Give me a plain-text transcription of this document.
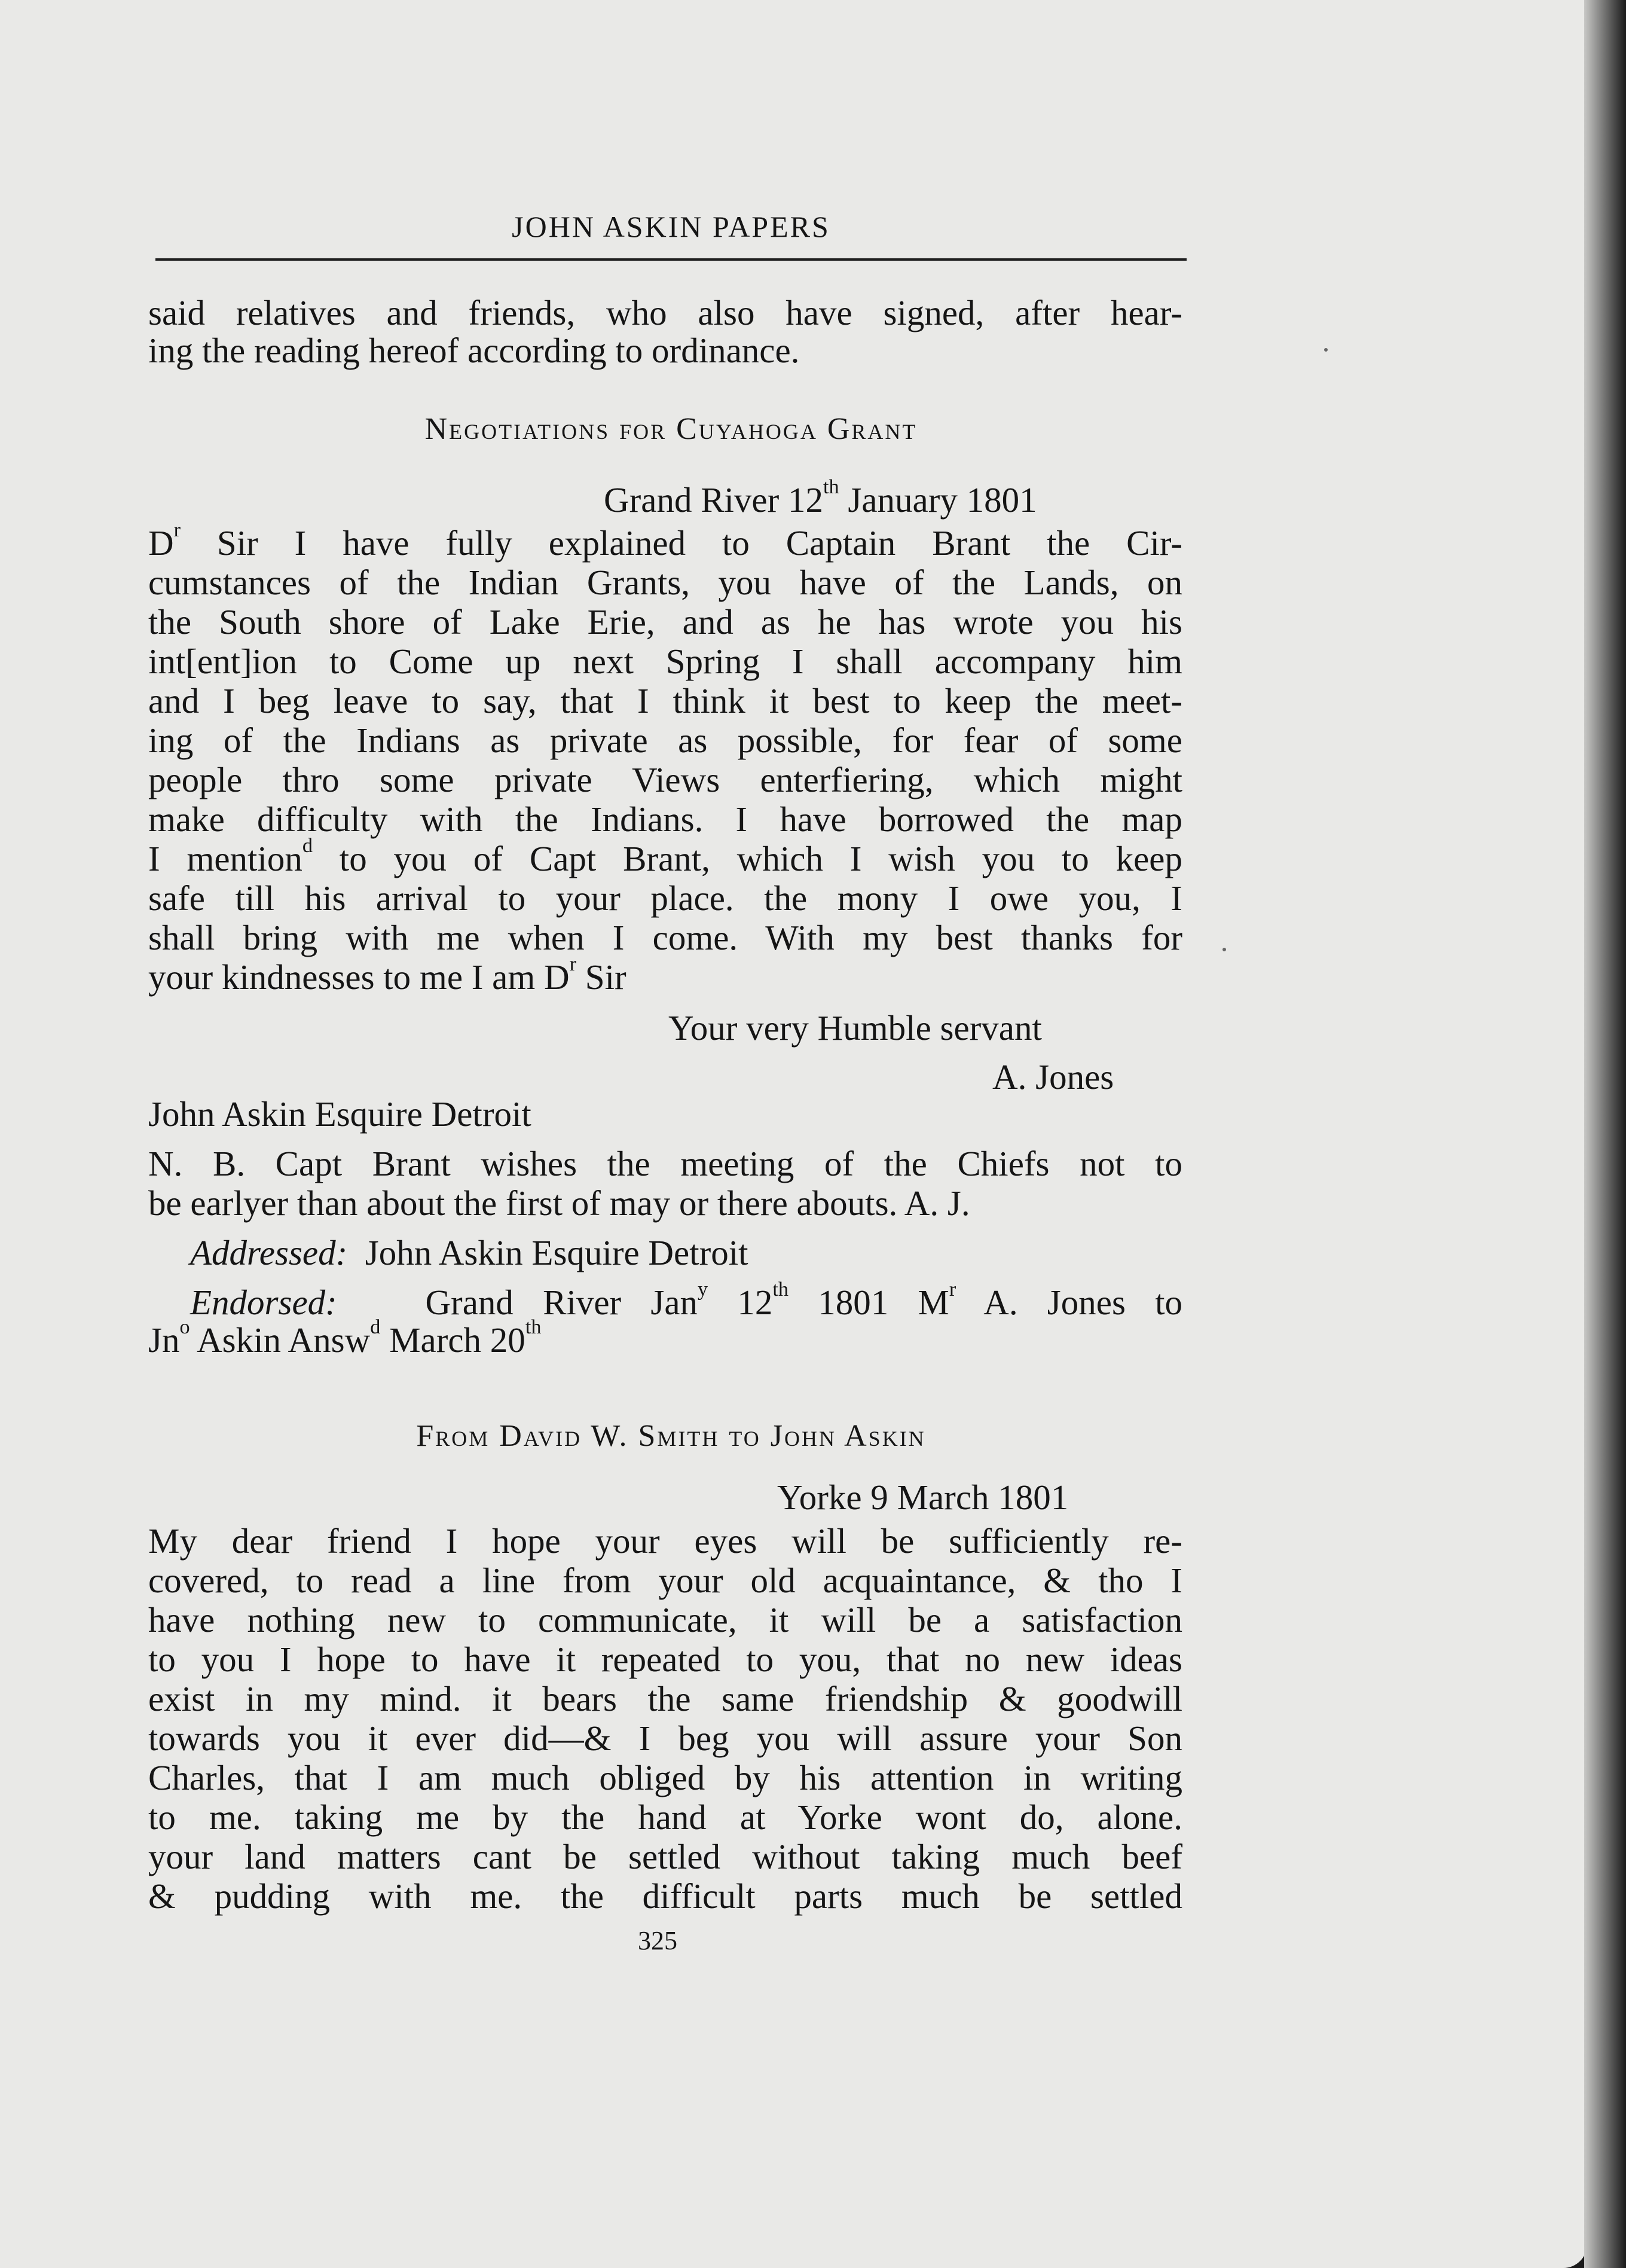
JOHN ASKIN PAPERS
said relatives and friends, who also have signed, after hear-
ing the reading hereof according to ordinance.
Negotiations for Cuyahoga Grant
Grand River 12th January 1801
$D^r$ Sir I have fully explained to Captain Brant the Cir-
cumstances of the Indian Grants, you have of the Lands, on
the South shore of Lake Erie, and as he has wrote you his
int[ent]ion to Come up next Spring I shall accompany him
and I beg leave to say, that I think it best to keep the meet-
ing of the Indians as private as possible, for fear of some
people thro some private Views enterfiering, which might
make difficulty with the Indians. I have borrowed the map
I mention$^d$ to you of Capt Brant, which I wish you to keep
safe till his arrival to your place. the mony I owe you, I
shall bring with me when I come. With my best thanks for
your kindnesses to me I am $D^r$ Sir
Your very Humble servant
A. Jones
John Askin Esquire Detroit
N. B. Capt Brant wishes the meeting of the Chiefs not to
be earlyer than about the first of may or there abouts. A. J.
Addressed: John Askin Esquire Detroit
Endorsed:	Grand River Jan$^y$ 12th 1801 $M^r$ A. Jones to
Jn$^o$ Askin Answ$^d$ March 20th
From David W. Smith to John Askin
Yorke 9 March 1801
My dear friend I hope your eyes will be sufficiently re-
covered, to read a line from your old acquaintance, & tho I
have nothing new to communicate, it will be a satisfaction
to you I hope to have it repeated to you, that no new ideas
exist in my mind. it bears the same friendship & goodwill
towards you it ever did—& I beg you will assure your Son
Charles, that I am much obliged by his attention in writing
to me. taking me by the hand at Yorke wont do, alone.
your land matters cant be settled without taking much beef
& pudding with me. the difficult parts much be settled
325
